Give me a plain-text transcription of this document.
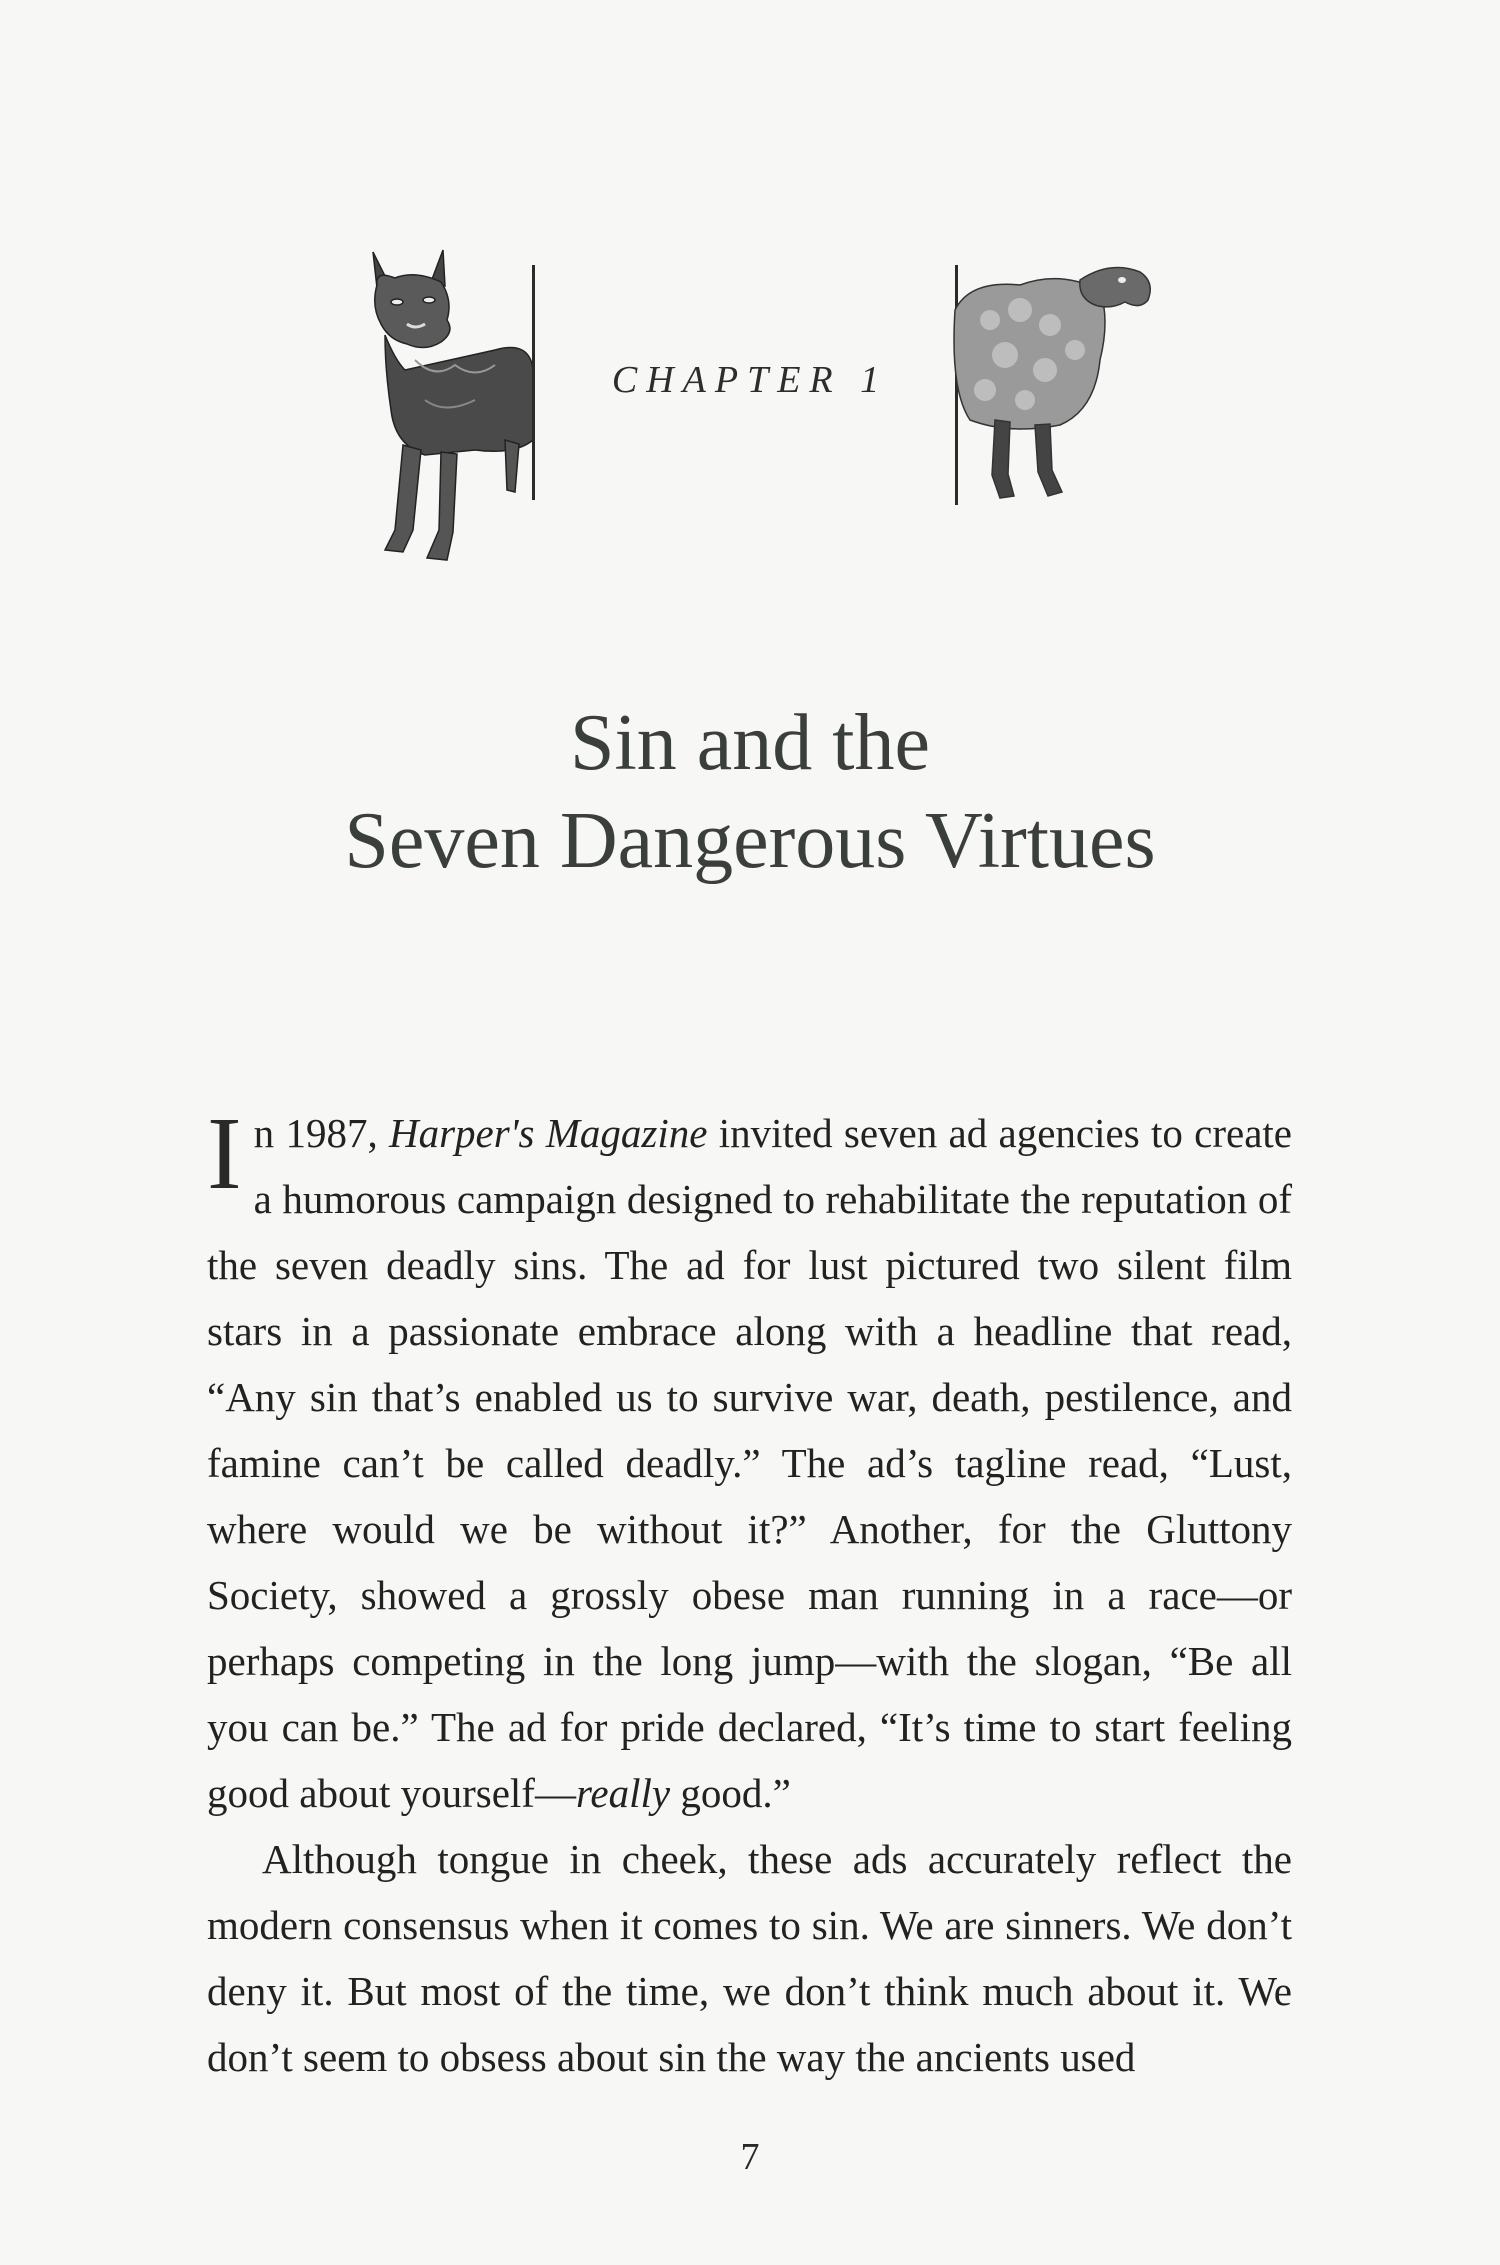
CHAPTER 1
Sin and the
Seven Dangerous Virtues

In 1987, Harper's Magazine invited seven ad agencies to create a humorous campaign designed to rehabilitate the reputation of the seven deadly sins. The ad for lust pictured two silent film stars in a passionate embrace along with a headline that read, “Any sin that’s enabled us to survive war, death, pestilence, and famine can’t be called deadly.” The ad’s tagline read, “Lust, where would we be without it?” Another, for the Gluttony Society, showed a grossly obese man running in a race—or perhaps competing in the long jump—with the slogan, “Be all you can be.” The ad for pride declared, “It’s time to start feeling good about yourself—really good.”

Although tongue in cheek, these ads accurately reflect the modern consensus when it comes to sin. We are sinners. We don’t deny it. But most of the time, we don’t think much about it. We don’t seem to obsess about sin the way the ancients used

7
